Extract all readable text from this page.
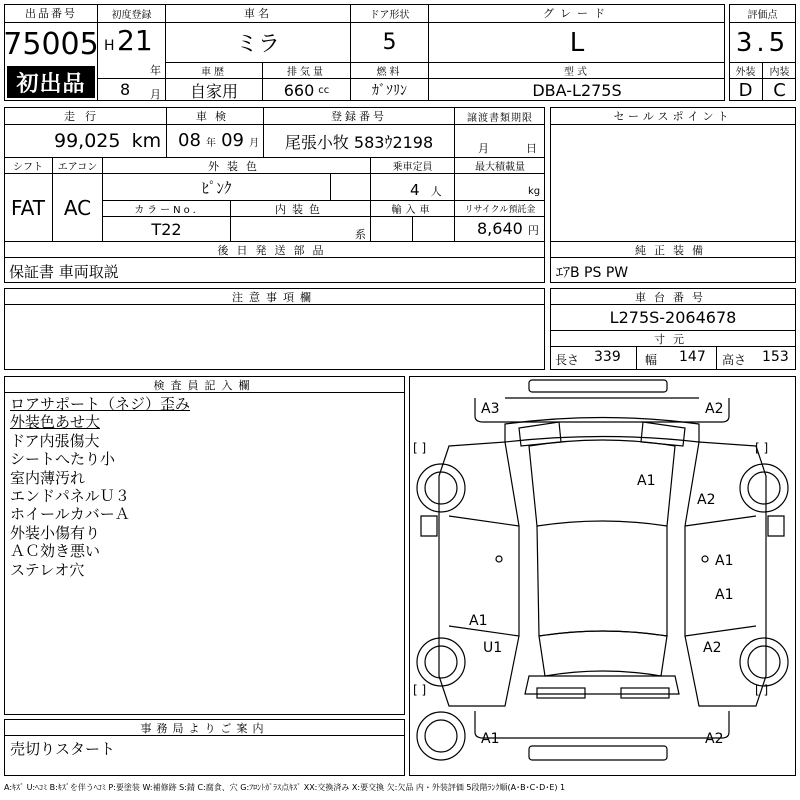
出品番号
75005
初出品
初度登録
H 21
年
8 月
車名
ミラ
ドア形状
5
グレード
L
車歴
自家用
排気量
660 cc
燃料
ｶﾞｿﾘﾝ
型式
DBA-L275S
評価点
3.5
外装	内装
D	C
走行
99,025 km
車検
08 年 09 月
登録番号
尾張小牧 583ｳ2198
譲渡書類期限
月	日
シフト	エアコン
FAT AC
外装色
ﾋﾟﾝｸ
乗車定員
4 人
最大積載量
kg
カラーNo.
T22
内装色
系
輸入車	リサイクル預託金
8,640 円
セールスポイント
後日発送部品
保証書 車両取説
純正装備
ｴｱB PS PW
注意事項欄	車台番号
L275S-2064678
寸元
長さ 339 幅 147 高さ 153
検査員記入欄
ロアサポート（ネジ）歪み
外装色あせ大
ドア内張傷大
シートへたり小
室内薄汚れ
エンドパネルＵ３
ホイールカバーＡ
外装小傷有り
ＡＣ効き悪い
ステレオ穴
事務局よりご案内
売切りスタート
A3	A2
A1
A2
A1
A1
A1
U1	A2
A1	A2
[ ]	[ ]
[ ]	[ ]
A:ｷｽﾞ U:ﾍｺﾐ B:ｷｽﾞを伴うﾍｺﾐ P:要塗装 W:補修跡 S:錆 C:腐食、穴 G:ﾌﾛﾝﾄｶﾞﾗｽ点ｷｽﾞ XX:交換済み X:要交換 欠:欠品 内・外装評価 5段階ﾗﾝｸ順(A･B･C･D･E) 1
